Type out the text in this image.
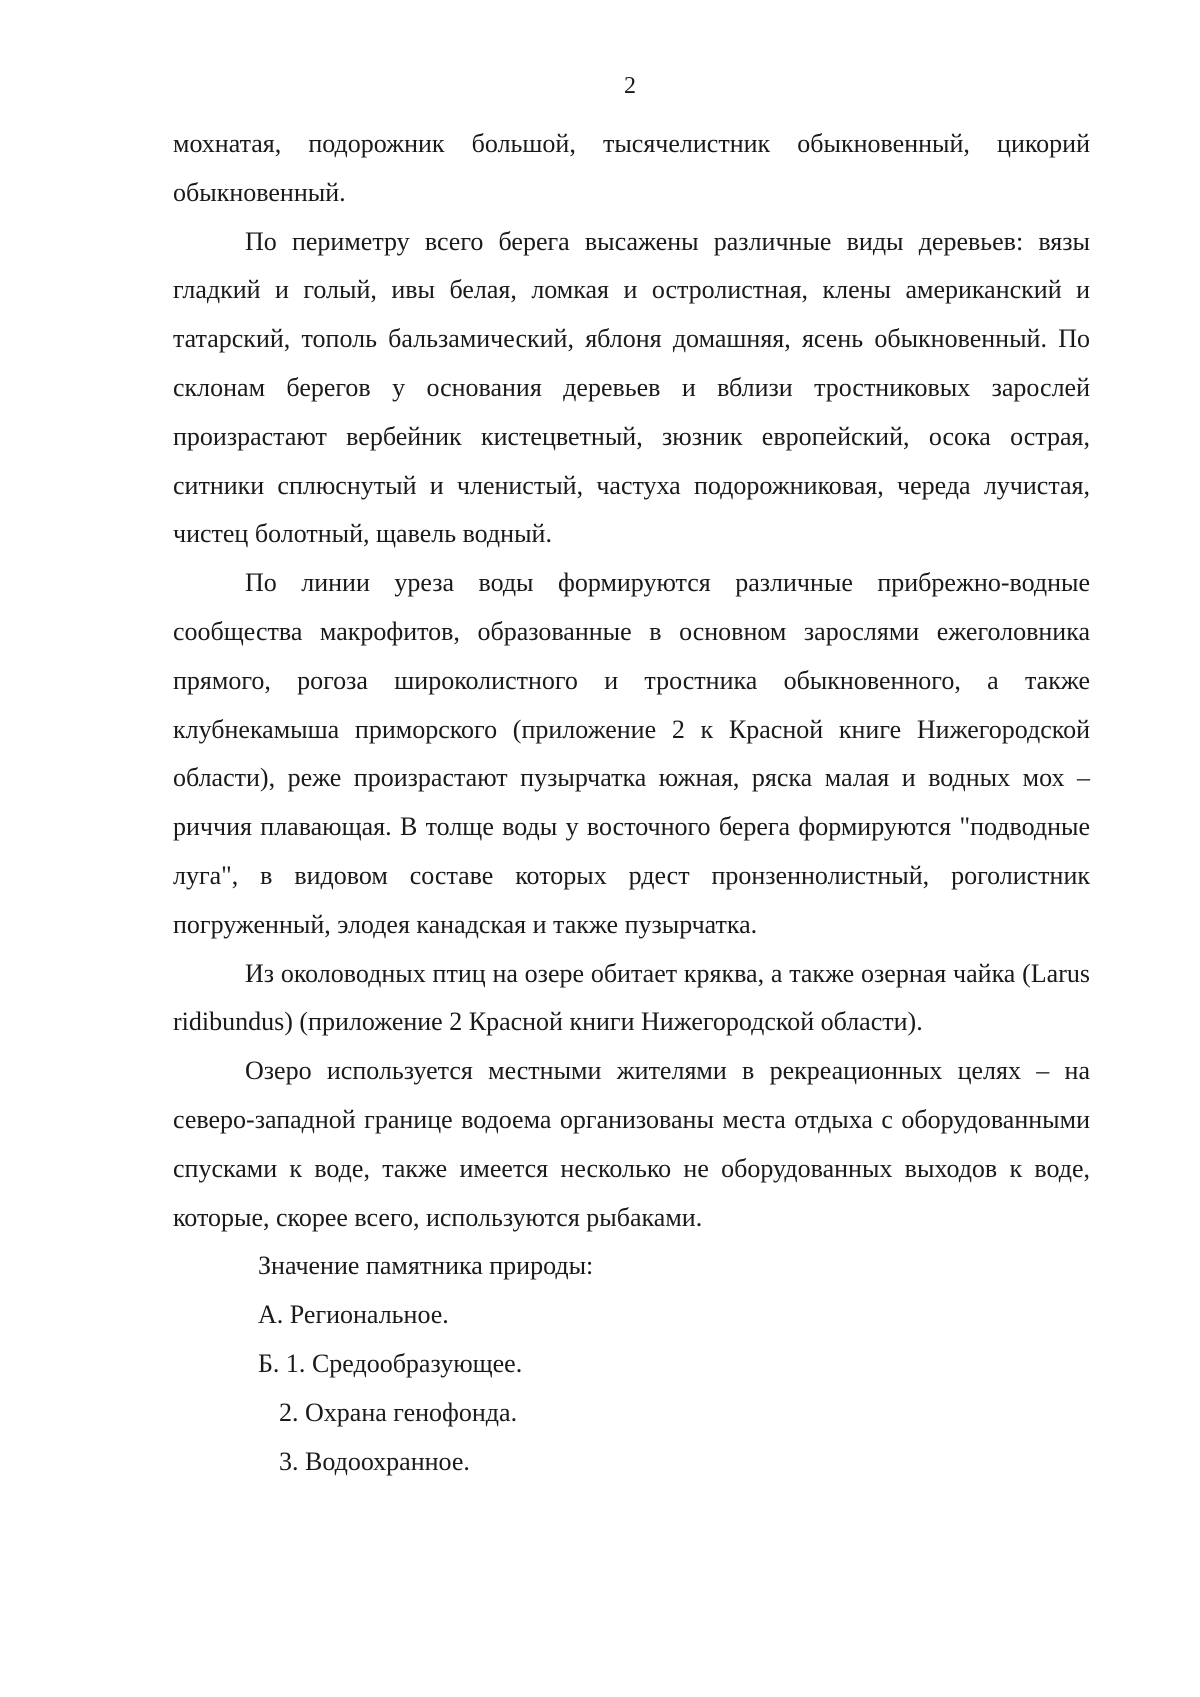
2

мохнатая, подорожник большой, тысячелистник обыкновенный, цикорий обыкновенный.

По периметру всего берега высажены различные виды деревьев: вязы гладкий и голый, ивы белая, ломкая и остролистная, клены американский и татарский, тополь бальзамический, яблоня домашняя, ясень обыкновенный. По склонам берегов у основания деревьев и вблизи тростниковых зарослей произрастают вербейник кистецветный, зюзник европейский, осока острая, ситники сплюснутый и членистый, частуха подорожниковая, череда лучистая, чистец болотный, щавель водный.

По линии уреза воды формируются различные прибрежно-водные сообщества макрофитов, образованные в основном зарослями ежеголовника прямого, рогоза широколистного и тростника обыкновенного, а также клубнекамыша приморского (приложение 2 к Красной книге Нижегородской области), реже произрастают пузырчатка южная, ряска малая и водных мох – риччия плавающая. В толще воды у восточного берега формируются "подводные луга", в видовом составе которых рдест пронзеннолистный, роголистник погруженный, элодея канадская и также пузырчатка.

Из околоводных птиц на озере обитает кряква, а также озерная чайка (Larus ridibundus) (приложение 2 Красной книги Нижегородской области).

Озеро используется местными жителями в рекреационных целях – на северо-западной границе водоема организованы места отдыха с оборудованными спусками к воде, также имеется несколько не оборудованных выходов к воде, которые, скорее всего, используются рыбаками.

Значение памятника природы:

А. Региональное.

Б. 1. Средообразующее.

2. Охрана генофонда.

3. Водоохранное.
